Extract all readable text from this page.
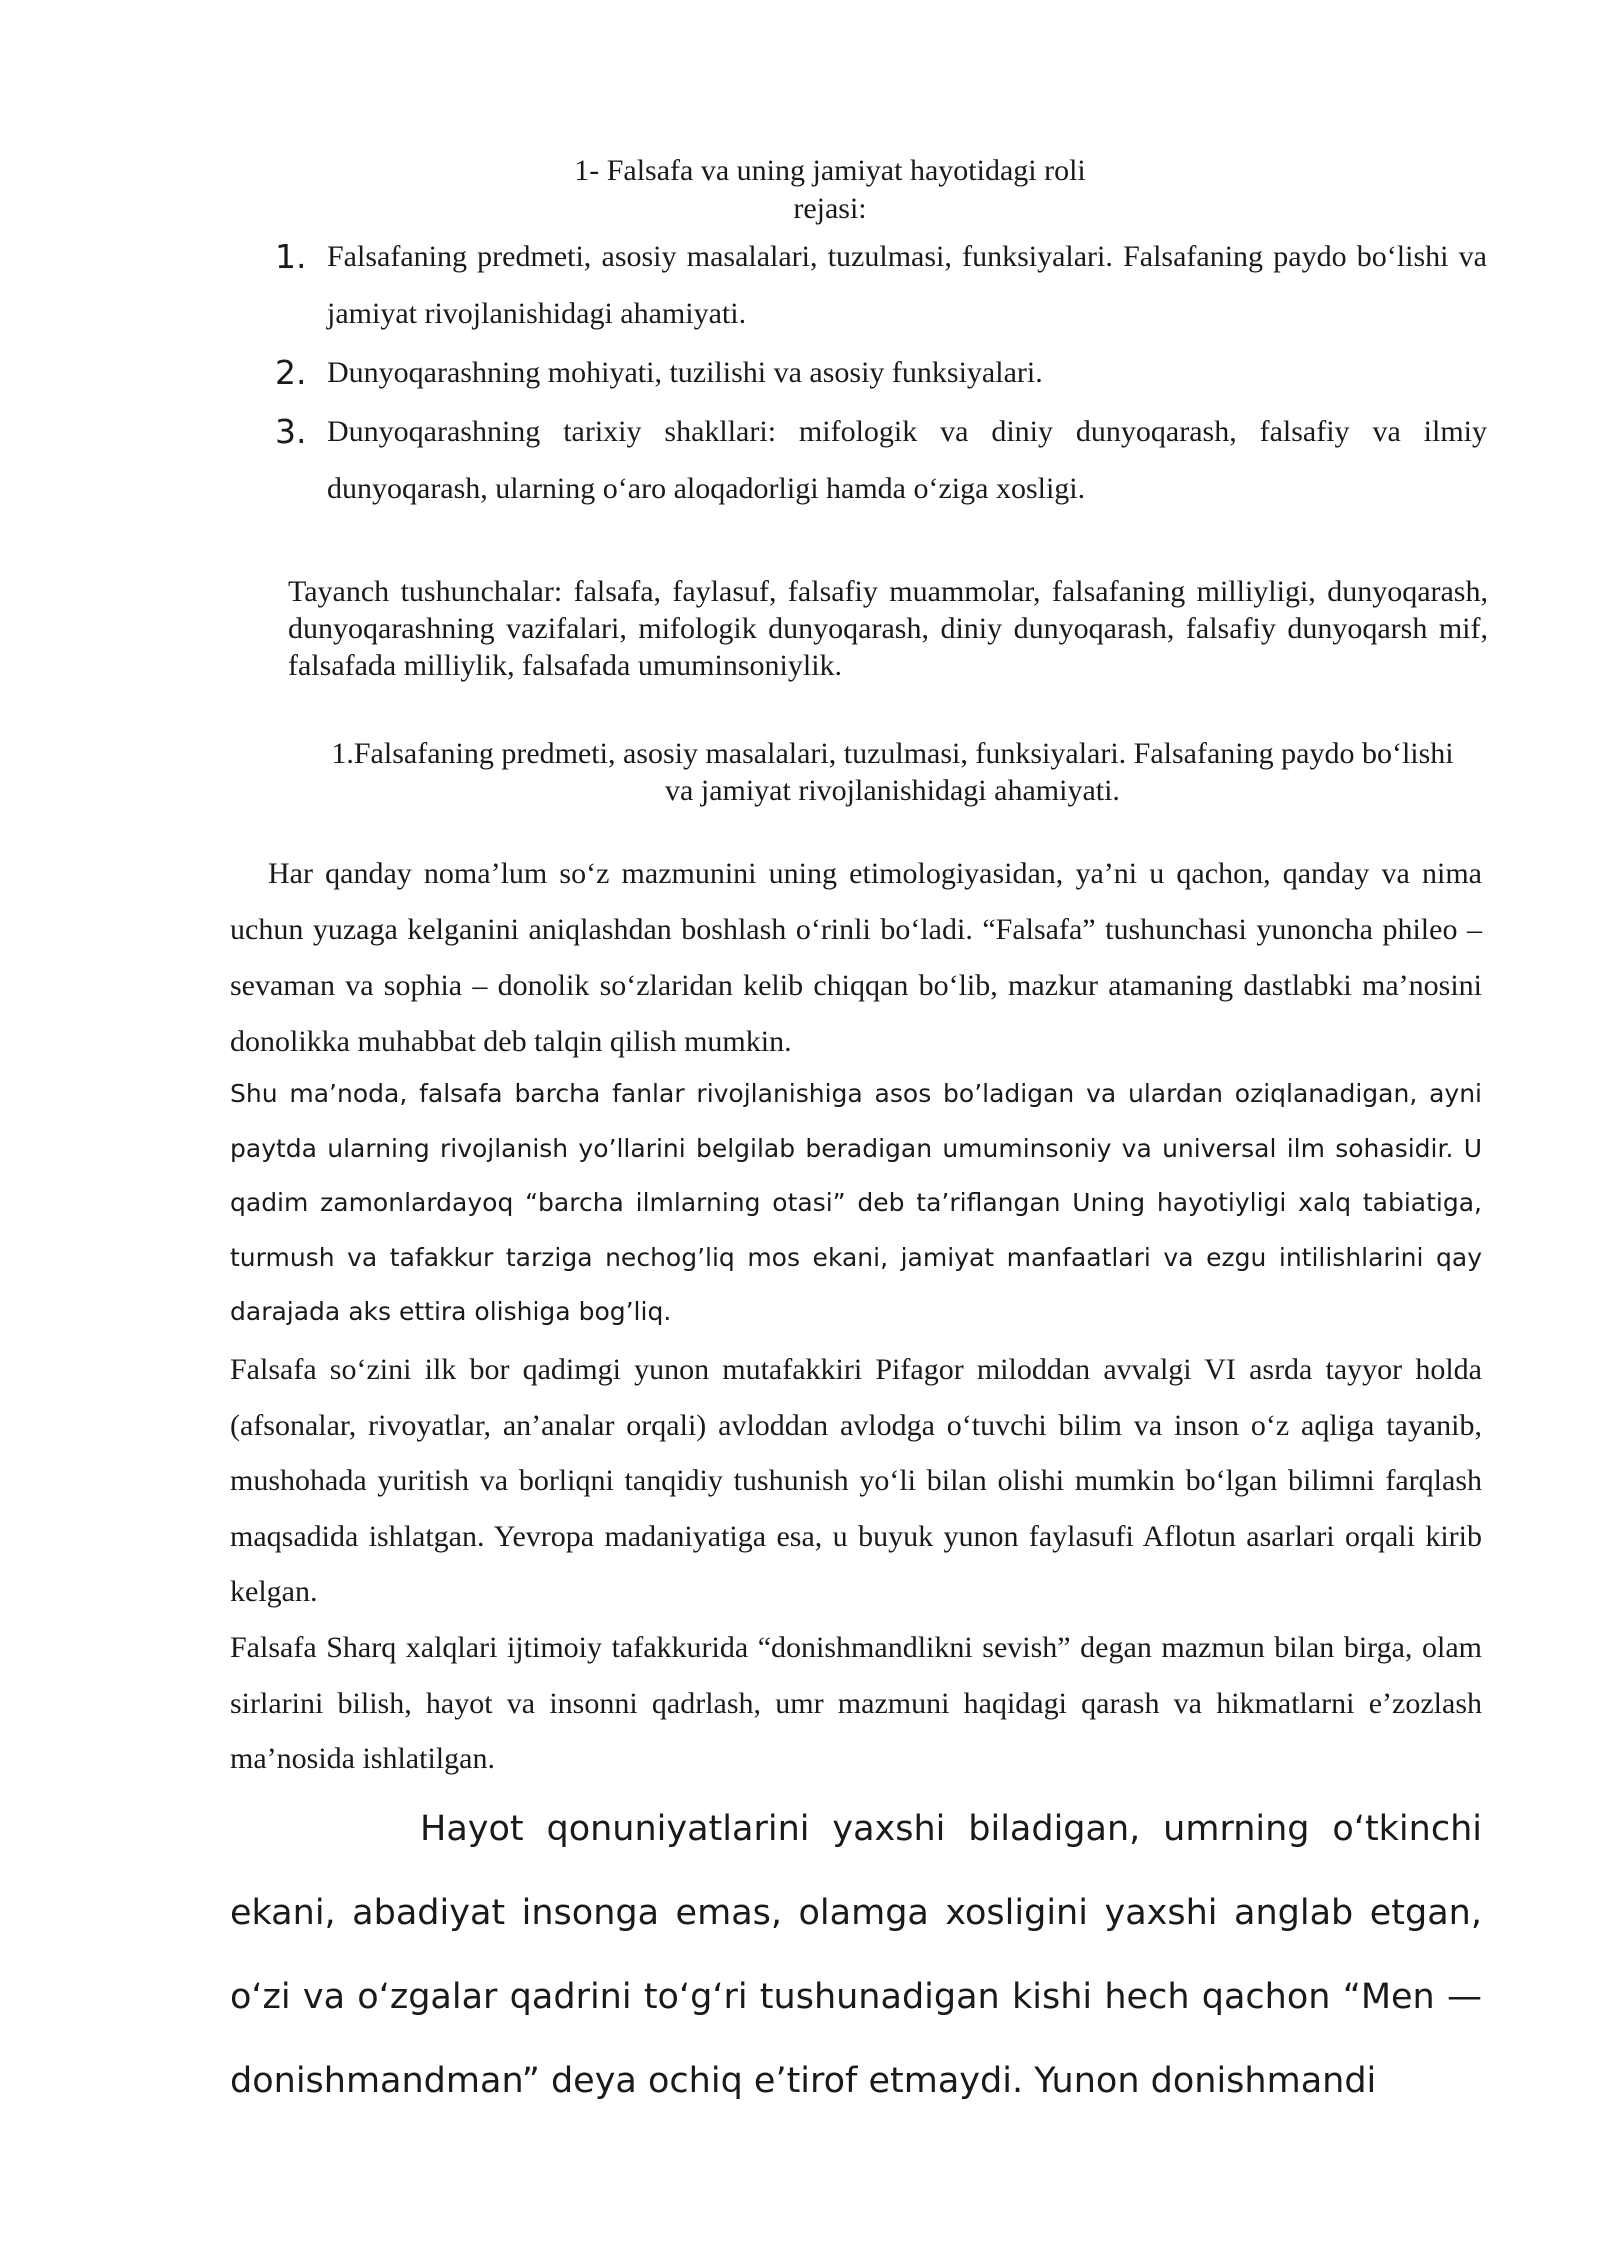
1- Falsafa va uning jamiyat hayotidagi roli
rejasi:
1. Falsafaning predmeti, asosiy masalalari, tuzulmasi, funksiyalari. Falsafaning paydo bo‘lishi va jamiyat rivojlanishidagi ahamiyati.
2. Dunyoqarashning mohiyati, tuzilishi va asosiy funksiyalari.
3. Dunyoqarashning tarixiy shakllari: mifologik va diniy dunyoqarash, falsafiy va ilmiy dunyoqarash, ularning o‘aro aloqadorligi hamda o‘ziga xosligi.
Tayanch tushunchalar: falsafa, faylasuf, falsafiy muammolar, falsafaning milliyligi, dunyoqarash, dunyoqarashning vazifalari, mifologik dunyoqarash, diniy dunyoqarash, falsafiy dunyoqarsh mif, falsafada milliylik, falsafada umuminsoniylik.
1.Falsafaning predmeti, asosiy masalalari, tuzulmasi, funksiyalari. Falsafaning paydo bo‘lishi va jamiyat rivojlanishidagi ahamiyati.
Har qanday noma’lum so‘z mazmunini uning etimologiyasidan, ya’ni u qachon, qanday va nima uchun yuzaga kelganini aniqlashdan boshlash o‘rinli bo‘ladi. “Falsafa” tushunchasi yunoncha phileo – sevaman va sophia – donolik so‘zlaridan kelib chiqqan bo‘lib, mazkur atamaning dastlabki ma’nosini donolikka muhabbat deb talqin qilish mumkin.
Shu ma’noda, falsafa barcha fanlar rivojlanishiga asos bo’ladigan va ulardan oziqlanadigan, ayni paytda ularning rivojlanish yo’llarini belgilab beradigan umuminsoniy va universal ilm sohasidir. U qadim zamonlardayoq “barcha ilmlarning otasi” deb ta’riflangan Uning hayotiyligi xalq tabiatiga, turmush va tafakkur tarziga nechog’liq mos ekani, jamiyat manfaatlari va ezgu intilishlarini qay darajada aks ettira olishiga bog’liq.
Falsafa so‘zini ilk bor qadimgi yunon mutafakkiri Pifagor miloddan avvalgi VI asrda tayyor holda (afsonalar, rivoyatlar, an’analar orqali) avloddan avlodga o‘tuvchi bilim va inson o‘z aqliga tayanib, mushohada yuritish va borliqni tanqidiy tushunish yo‘li bilan olishi mumkin bo‘lgan bilimni farqlash maqsadida ishlatgan. Yevropa madaniyatiga esa, u buyuk yunon faylasufi Aflotun asarlari orqali kirib kelgan.
Falsafa Sharq xalqlari ijtimoiy tafakkurida “donishmandlikni sevish” degan mazmun bilan birga, olam sirlarini bilish, hayot va insonni qadrlash, umr mazmuni haqidagi qarash va hikmatlarni e’zozlash ma’nosida ishlatilgan.
Hayot qonuniyatlarini yaxshi biladigan, umrning o‘tkinchi ekani, abadiyat insonga emas, olamga xosligini yaxshi anglab etgan, o‘zi va o‘zgalar qadrini to‘g‘ri tushunadigan kishi hech qachon “Men — donishmandman” deya ochiq e’tirof etmaydi. Yunon donishmandi
